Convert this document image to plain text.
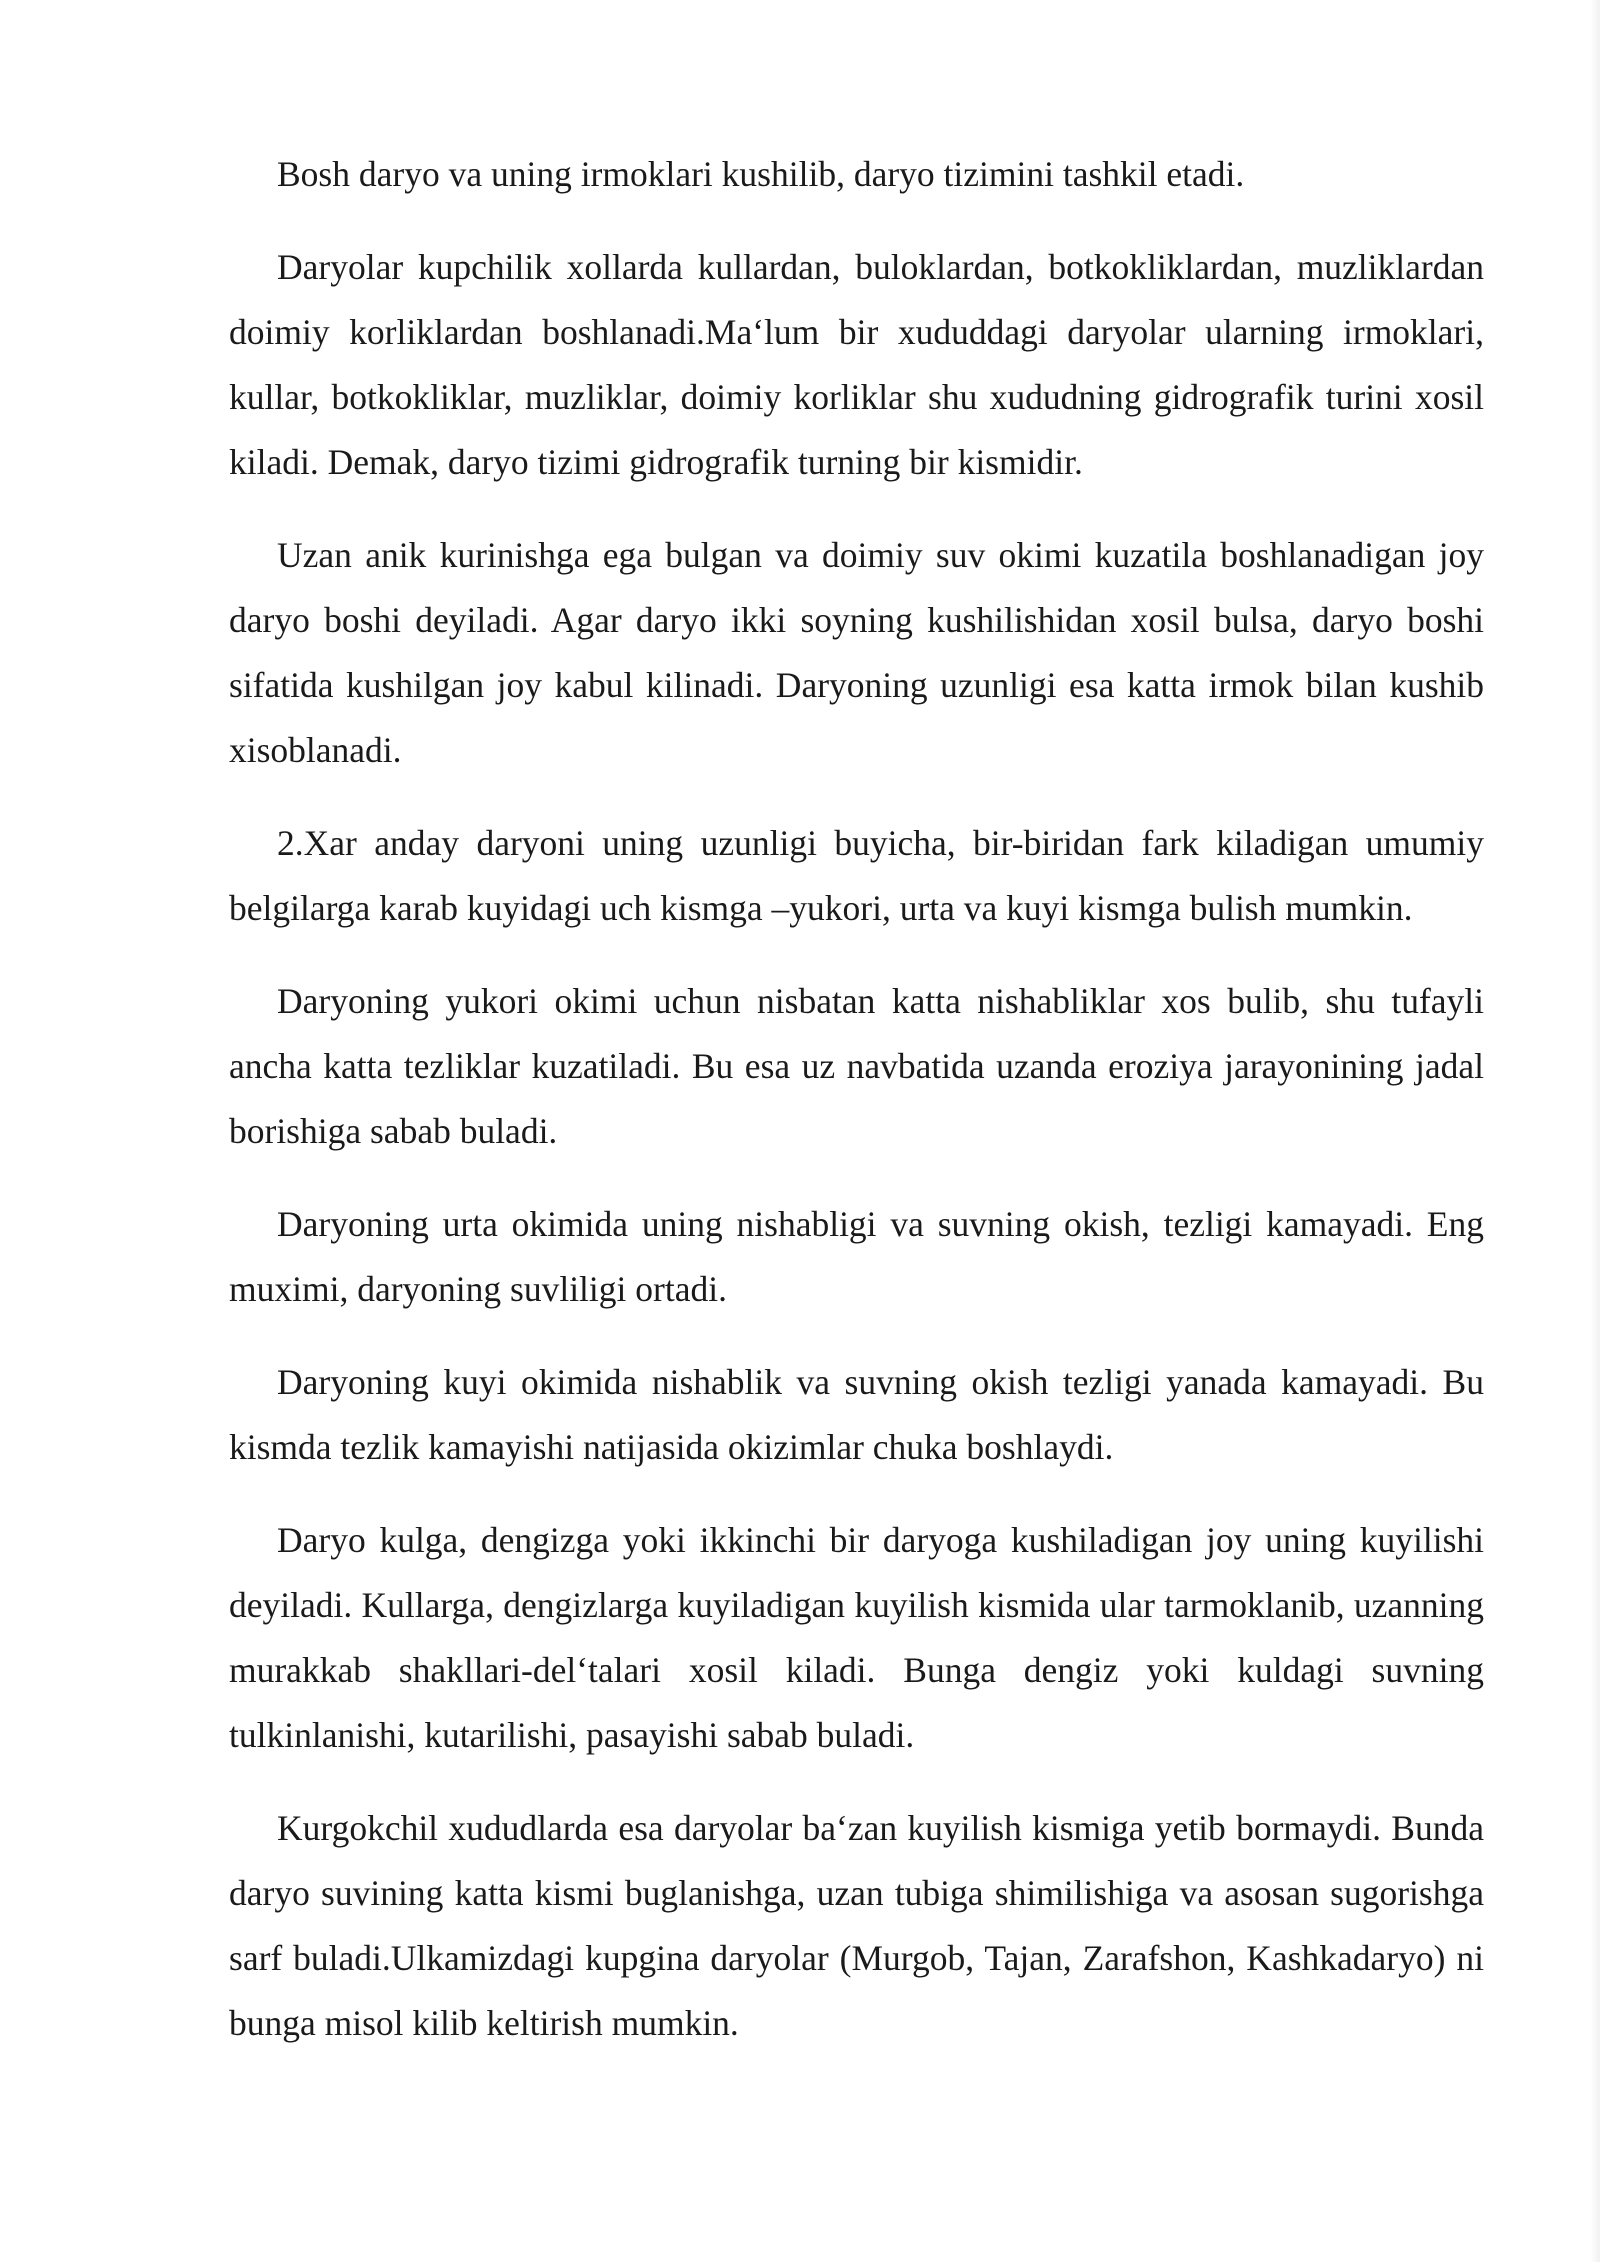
Bosh daryo va uning irmoklari kushilib, daryo tizimini tashkil etadi.

Daryolar kupchilik xollarda kullardan, buloklardan, botkokliklardan, muzliklardan doimiy korliklardan boshlanadi.Ma‘lum bir xududdagi daryolar ularning irmoklari, kullar, botkokliklar, muzliklar, doimiy korliklar shu xududning gidrografik turini xosil kiladi. Demak, daryo tizimi gidrografik turning bir kismidir.

Uzan anik kurinishga ega bulgan va doimiy suv okimi kuzatila boshlanadigan joy daryo boshi deyiladi. Agar daryo ikki soyning kushilishidan xosil bulsa, daryo boshi sifatida kushilgan joy kabul kilinadi. Daryoning uzunligi esa katta irmok bilan kushib xisoblanadi.

2.Xar anday daryoni uning uzunligi buyicha, bir-biridan fark kiladigan umumiy belgilarga karab kuyidagi uch kismga –yukori, urta va kuyi kismga bulish mumkin.

Daryoning yukori okimi uchun nisbatan katta nishabliklar xos bulib, shu tufayli ancha katta tezliklar kuzatiladi. Bu esa uz navbatida uzanda eroziya jarayonining jadal borishiga sabab buladi.

Daryoning urta okimida uning nishabligi va suvning okish, tezligi kamayadi. Eng muximi, daryoning suvliligi ortadi.

Daryoning kuyi okimida nishablik va suvning okish tezligi yanada kamayadi. Bu kismda tezlik kamayishi natijasida okizimlar chuka boshlaydi.

Daryo kulga, dengizga yoki ikkinchi bir daryoga kushiladigan joy uning kuyilishi deyiladi. Kullarga, dengizlarga kuyiladigan kuyilish kismida ular tarmoklanib, uzanning murakkab shakllari-del‘talari xosil kiladi. Bunga dengiz yoki kuldagi suvning tulkinlanishi, kutarilishi, pasayishi sabab buladi.

Kurgokchil xududlarda esa daryolar ba‘zan kuyilish kismiga yetib bormaydi. Bunda daryo suvining katta kismi buglanishga, uzan tubiga shimilishiga va asosan sugorishga sarf buladi.Ulkamizdagi kupgina daryolar (Murgob, Tajan, Zarafshon, Kashkadaryo) ni bunga misol kilib keltirish mumkin.
